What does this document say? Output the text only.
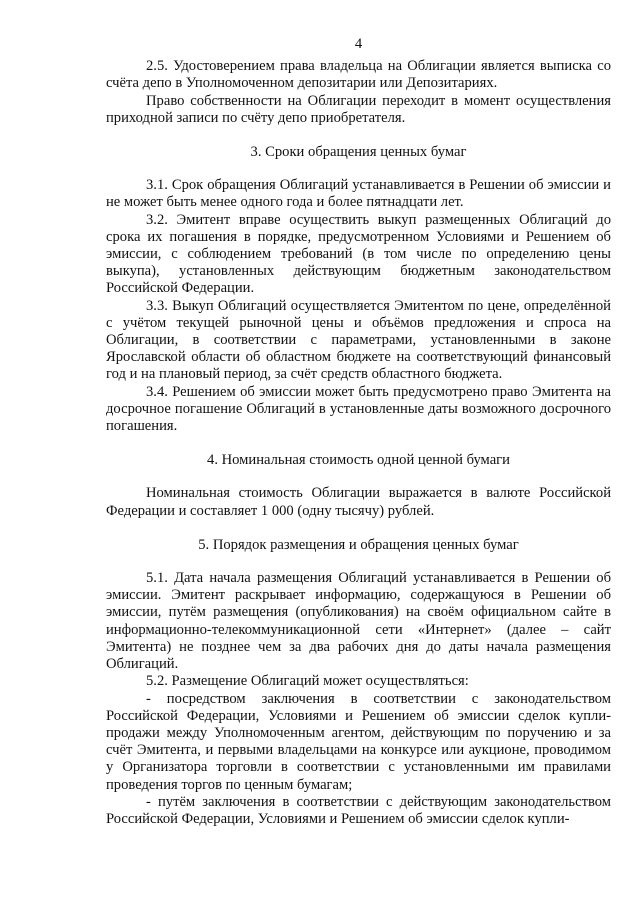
4

2.5. Удостоверением права владельца на Облигации является выписка со счёта депо в Уполномоченном депозитарии или Депозитариях.

Право собственности на Облигации переходит в момент осуществления приходной записи по счёту депо приобретателя.

3. Сроки обращения ценных бумаг

3.1. Срок обращения Облигаций устанавливается в Решении об эмиссии и не может быть менее одного года и более пятнадцати лет.

3.2. Эмитент вправе осуществить выкуп размещенных Облигаций до срока их погашения в порядке, предусмотренном Условиями и Решением об эмиссии, с соблюдением требований (в том числе по определению цены выкупа), установленных действующим бюджетным законодательством Российской Федерации.

3.3. Выкуп Облигаций осуществляется Эмитентом по цене, определённой с учётом текущей рыночной цены и объёмов предложения и спроса на Облигации, в соответствии с параметрами, установленными в законе Ярославской области об областном бюджете на соответствующий финансовый год и на плановый период, за счёт средств областного бюджета.

3.4. Решением об эмиссии может быть предусмотрено право Эмитента на досрочное погашение Облигаций в установленные даты возможного досрочного погашения.

4. Номинальная стоимость одной ценной бумаги

Номинальная стоимость Облигации выражается в валюте Российской Федерации и составляет 1 000 (одну тысячу) рублей.

5. Порядок размещения и обращения ценных бумаг

5.1. Дата начала размещения Облигаций устанавливается в Решении об эмиссии. Эмитент раскрывает информацию, содержащуюся в Решении об эмиссии, путём размещения (опубликования) на своём официальном сайте в информационно-телекоммуникационной сети «Интернет» (далее – сайт Эмитента) не позднее чем за два рабочих дня до даты начала размещения Облигаций.

5.2. Размещение Облигаций может осуществляться:

- посредством заключения в соответствии с законодательством Российской Федерации, Условиями и Решением об эмиссии сделок купли-продажи между Уполномоченным агентом, действующим по поручению и за счёт Эмитента, и первыми владельцами на конкурсе или аукционе, проводимом у Организатора торговли в соответствии с установленными им правилами проведения торгов по ценным бумагам;

- путём заключения в соответствии с действующим законодательством Российской Федерации, Условиями и Решением об эмиссии сделок купли-
